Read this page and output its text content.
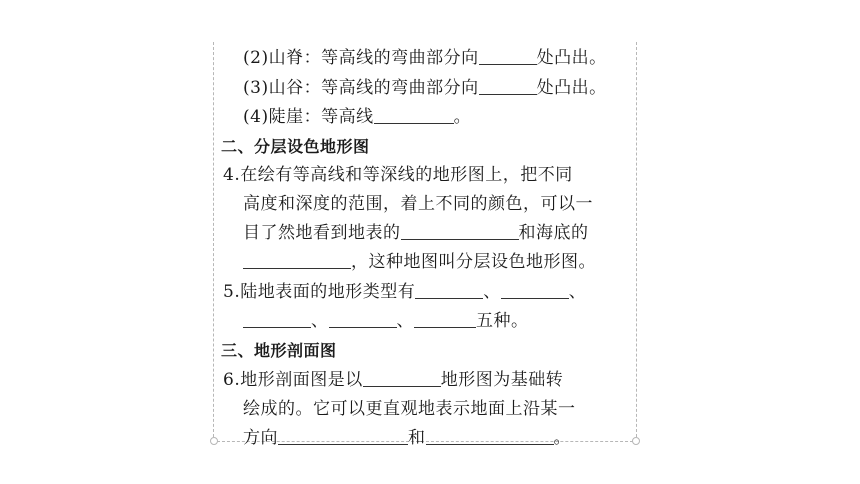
(2)山脊：等高线的弯曲部分向	处凸出。
(3)山谷：等高线的弯曲部分向	处凸出。
(4)陡崖：等高线	。
二、分层设色地形图
4.在绘有等高线和等深线的地形图上，把不同
高度和深度的范围，着上不同的颜色，可以一
目了然地看到地表的	和海底的
，这种地图叫分层设色地形图。
5.陆地表面的地形类型有	、	、
、	、	五种。
三、地形剖面图
6.地形剖面图是以	地形图为基础转
绘成的。它可以更直观地表示地面上沿某一
方向	和	。
